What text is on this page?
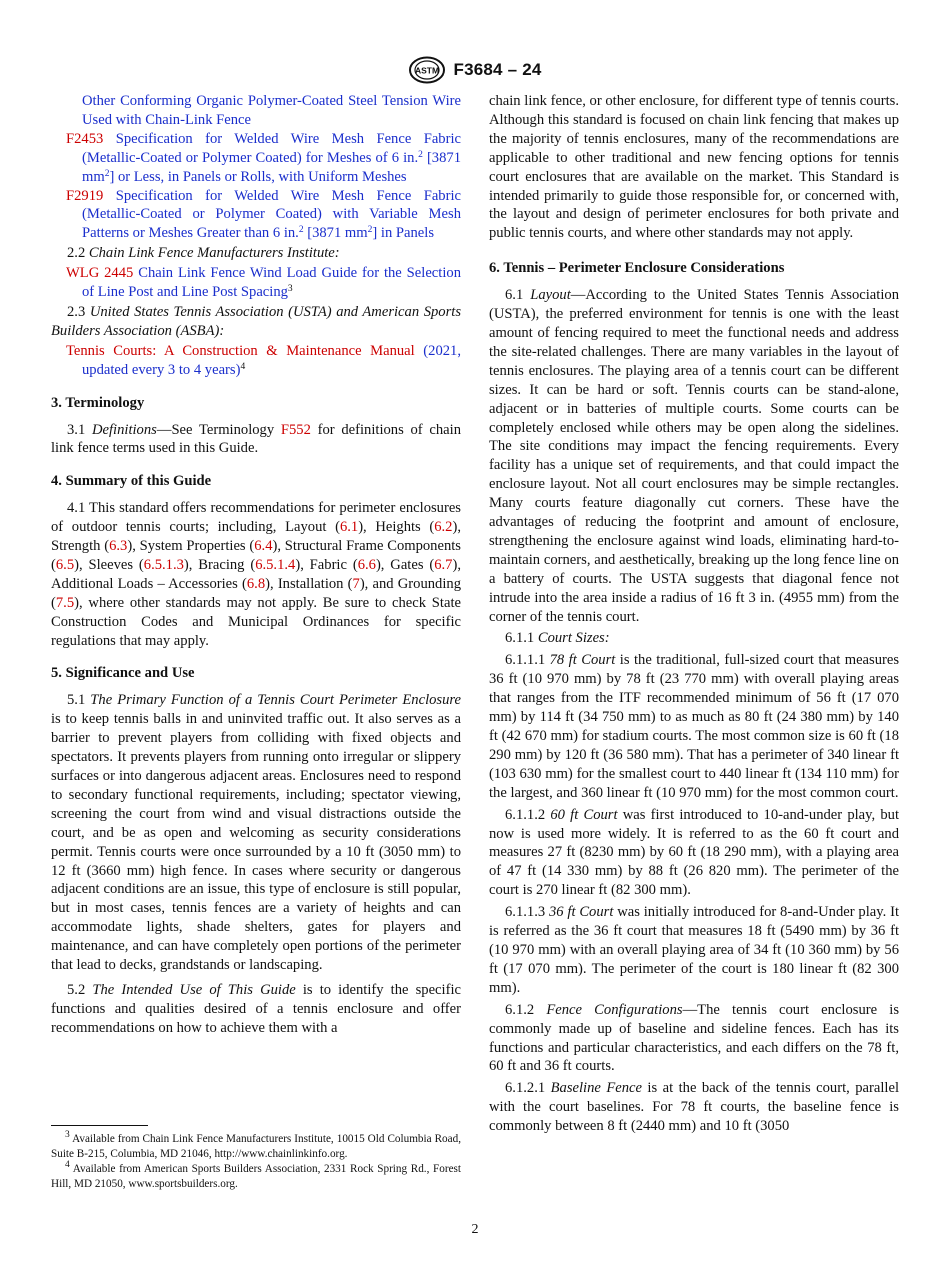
ASTM F3684 – 24

Other Conforming Organic Polymer-Coated Steel Tension Wire Used with Chain-Link Fence

F2453 Specification for Welded Wire Mesh Fence Fabric (Metallic-Coated or Polymer Coated) for Meshes of 6 in.$^2$ [3871 $mm^2$] or Less, in Panels or Rolls, with Uniform Meshes

F2919 Specification for Welded Wire Mesh Fence Fabric (Metallic-Coated or Polymer Coated) with Variable Mesh Patterns or Meshes Greater than 6 in.$^2$ [3871 $mm^2$] in Panels

2.2 Chain Link Fence Manufacturers Institute:

WLG 2445 Chain Link Fence Wind Load Guide for the Selection of Line Post and Line Post Spacing$^3$

2.3 United States Tennis Association (USTA) and American Sports Builders Association (ASBA):

Tennis Courts: A Construction & Maintenance Manual (2021, updated every 3 to 4 years)$^4$

3. Terminology

3.1 Definitions—See Terminology F552 for definitions of chain link fence terms used in this Guide.

4. Summary of this Guide

4.1 This standard offers recommendations for perimeter enclosures of outdoor tennis courts; including, Layout (6.1), Heights (6.2), Strength (6.3), System Properties (6.4), Structural Frame Components (6.5), Sleeves (6.5.1.3), Bracing (6.5.1.4), Fabric (6.6), Gates (6.7), Additional Loads – Accessories (6.8), Installation (7), and Grounding (7.5), where other standards may not apply. Be sure to check State Construction Codes and Municipal Ordinances for specific regulations that may apply.

5. Significance and Use

5.1 The Primary Function of a Tennis Court Perimeter Enclosure is to keep tennis balls in and uninvited traffic out. It also serves as a barrier to prevent players from colliding with fixed objects and spectators. It prevents players from running onto irregular or slippery surfaces or into dangerous adjacent areas. Enclosures need to respond to secondary functional requirements, including; spectator viewing, screening the court from wind and visual distractions outside the court, and be as open and welcoming as security considerations permit. Tennis courts were once surrounded by a 10 ft (3050 mm) to 12 ft (3660 mm) high fence. In cases where security or dangerous adjacent conditions are an issue, this type of enclosure is still popular, but in most cases, tennis fences are a variety of heights and can accommodate lights, shade shelters, gates for players and maintenance, and can have completely open portions of the perimeter that lead to decks, grandstands or landscaping.

5.2 The Intended Use of This Guide is to identify the specific functions and qualities desired of a tennis enclosure and offer recommendations on how to achieve them with a

chain link fence, or other enclosure, for different type of tennis courts. Although this standard is focused on chain link fencing that makes up the majority of tennis enclosures, many of the recommendations are applicable to other traditional and new fencing options for tennis court enclosures that are available on the market. This Standard is intended primarily to guide those responsible for, or concerned with, the layout and design of perimeter enclosures for both private and public tennis courts, and where other standards may not apply.

6. Tennis – Perimeter Enclosure Considerations

6.1 Layout—According to the United States Tennis Association (USTA), the preferred environment for tennis is one with the least amount of fencing required to meet the functional needs and address the site-related challenges. There are many variables in the layout of tennis enclosures. The playing area of a tennis court can be different sizes. It can be hard or soft. Tennis courts can be stand-alone, adjacent or in batteries of multiple courts. Some courts can be completely enclosed while others may be open along the sidelines. The site conditions may impact the fencing requirements. Every facility has a unique set of requirements, and that could impact the enclosure layout. Not all court enclosures may be simple rectangles. Many courts feature diagonally cut corners. These have the advantages of reducing the footprint and amount of enclosure, strengthening the enclosure against wind loads, eliminating hard-to-maintain corners, and aesthetically, breaking up the long fence line on a battery of courts. The USTA suggests that diagonal fence not intrude into the area inside a radius of 16 ft 3 in. (4955 mm) from the corner of the tennis court.

6.1.1 Court Sizes:

6.1.1.1 78 ft Court is the traditional, full-sized court that measures 36 ft (10 970 mm) by 78 ft (23 770 mm) with overall playing areas that ranges from the ITF recommended minimum of 56 ft (17 070 mm) by 114 ft (34 750 mm) to as much as 80 ft (24 380 mm) by 140 ft (42 670 mm) for stadium courts. The most common size is 60 ft (18 290 mm) by 120 ft (36 580 mm). That has a perimeter of 340 linear ft (103 630 mm) for the smallest court to 440 linear ft (134 110 mm) for the largest, and 360 linear ft (10 970 mm) for the most common court.

6.1.1.2 60 ft Court was first introduced to 10-and-under play, but now is used more widely. It is referred to as the 60 ft court and measures 27 ft (8230 mm) by 60 ft (18 290 mm), with a playing area of 47 ft (14 330 mm) by 88 ft (26 820 mm). The perimeter of the court is 270 linear ft (82 300 mm).

6.1.1.3 36 ft Court was initially introduced for 8-and-Under play. It is referred as the 36 ft court that measures 18 ft (5490 mm) by 36 ft (10 970 mm) with an overall playing area of 34 ft (10 360 mm) by 56 ft (17 070 mm). The perimeter of the court is 180 linear ft (82 300 mm).

6.1.2 Fence Configurations—The tennis court enclosure is commonly made up of baseline and sideline fences. Each has its functions and particular characteristics, and each differs on the 78 ft, 60 ft and 36 ft courts.

6.1.2.1 Baseline Fence is at the back of the tennis court, parallel with the court baselines. For 78 ft courts, the baseline fence is commonly between 8 ft (2440 mm) and 10 ft (3050

$^3$ Available from Chain Link Fence Manufacturers Institute, 10015 Old Columbia Road, Suite B-215, Columbia, MD 21046, http://www.chainlinkinfo.org.

$^4$ Available from American Sports Builders Association, 2331 Rock Spring Rd., Forest Hill, MD 21050, www.sportsbuilders.org.

2
